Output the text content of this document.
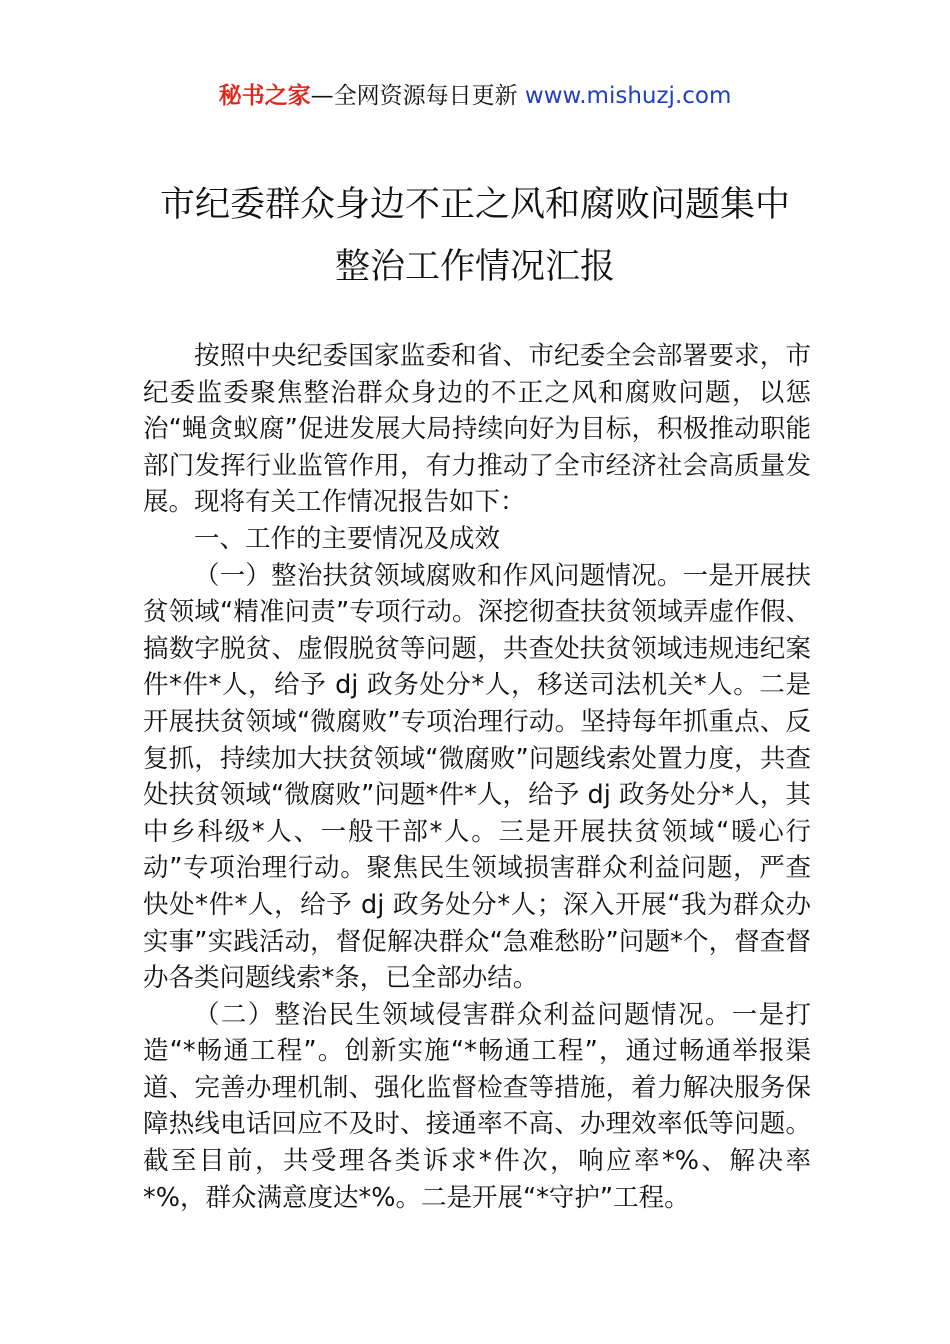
秘书之家—全网资源每日更新 www.mishuzj.com
市纪委群众身边不正之风和腐败问题集中
整治工作情况汇报

按照中央纪委国家监委和省、市纪委全会部署要求，市纪委监委聚焦整治群众身边的不正之风和腐败问题，以惩治“蝇贪蚁腐”促进发展大局持续向好为目标，积极推动职能部门发挥行业监管作用，有力推动了全市经济社会高质量发展。现将有关工作情况报告如下：

一、工作的主要情况及成效

（一）整治扶贫领域腐败和作风问题情况。一是开展扶贫领域“精准问责”专项行动。深挖彻查扶贫领域弄虚作假、搞数字脱贫、虚假脱贫等问题，共查处扶贫领域违规违纪案件*件*人，给予 dj 政务处分*人，移送司法机关*人。二是开展扶贫领域“微腐败”专项治理行动。坚持每年抓重点、反复抓，持续加大扶贫领域“微腐败”问题线索处置力度，共查处扶贫领域“微腐败”问题*件*人，给予 dj 政务处分*人，其中乡科级*人、一般干部*人。三是开展扶贫领域“暖心行动”专项治理行动。聚焦民生领域损害群众利益问题，严查快处*件*人，给予 dj 政务处分*人；深入开展“我为群众办实事”实践活动，督促解决群众“急难愁盼”问题*个，督查督办各类问题线索*条，已全部办结。

（二）整治民生领域侵害群众利益问题情况。一是打造“*畅通工程”。创新实施“*畅通工程”，通过畅通举报渠道、完善办理机制、强化监督检查等措施，着力解决服务保障热线电话回应不及时、接通率不高、办理效率低等问题。截至目前，共受理各类诉求*件次，响应率*%、解决率*%，群众满意度达*%。二是开展“*守护”工程。
